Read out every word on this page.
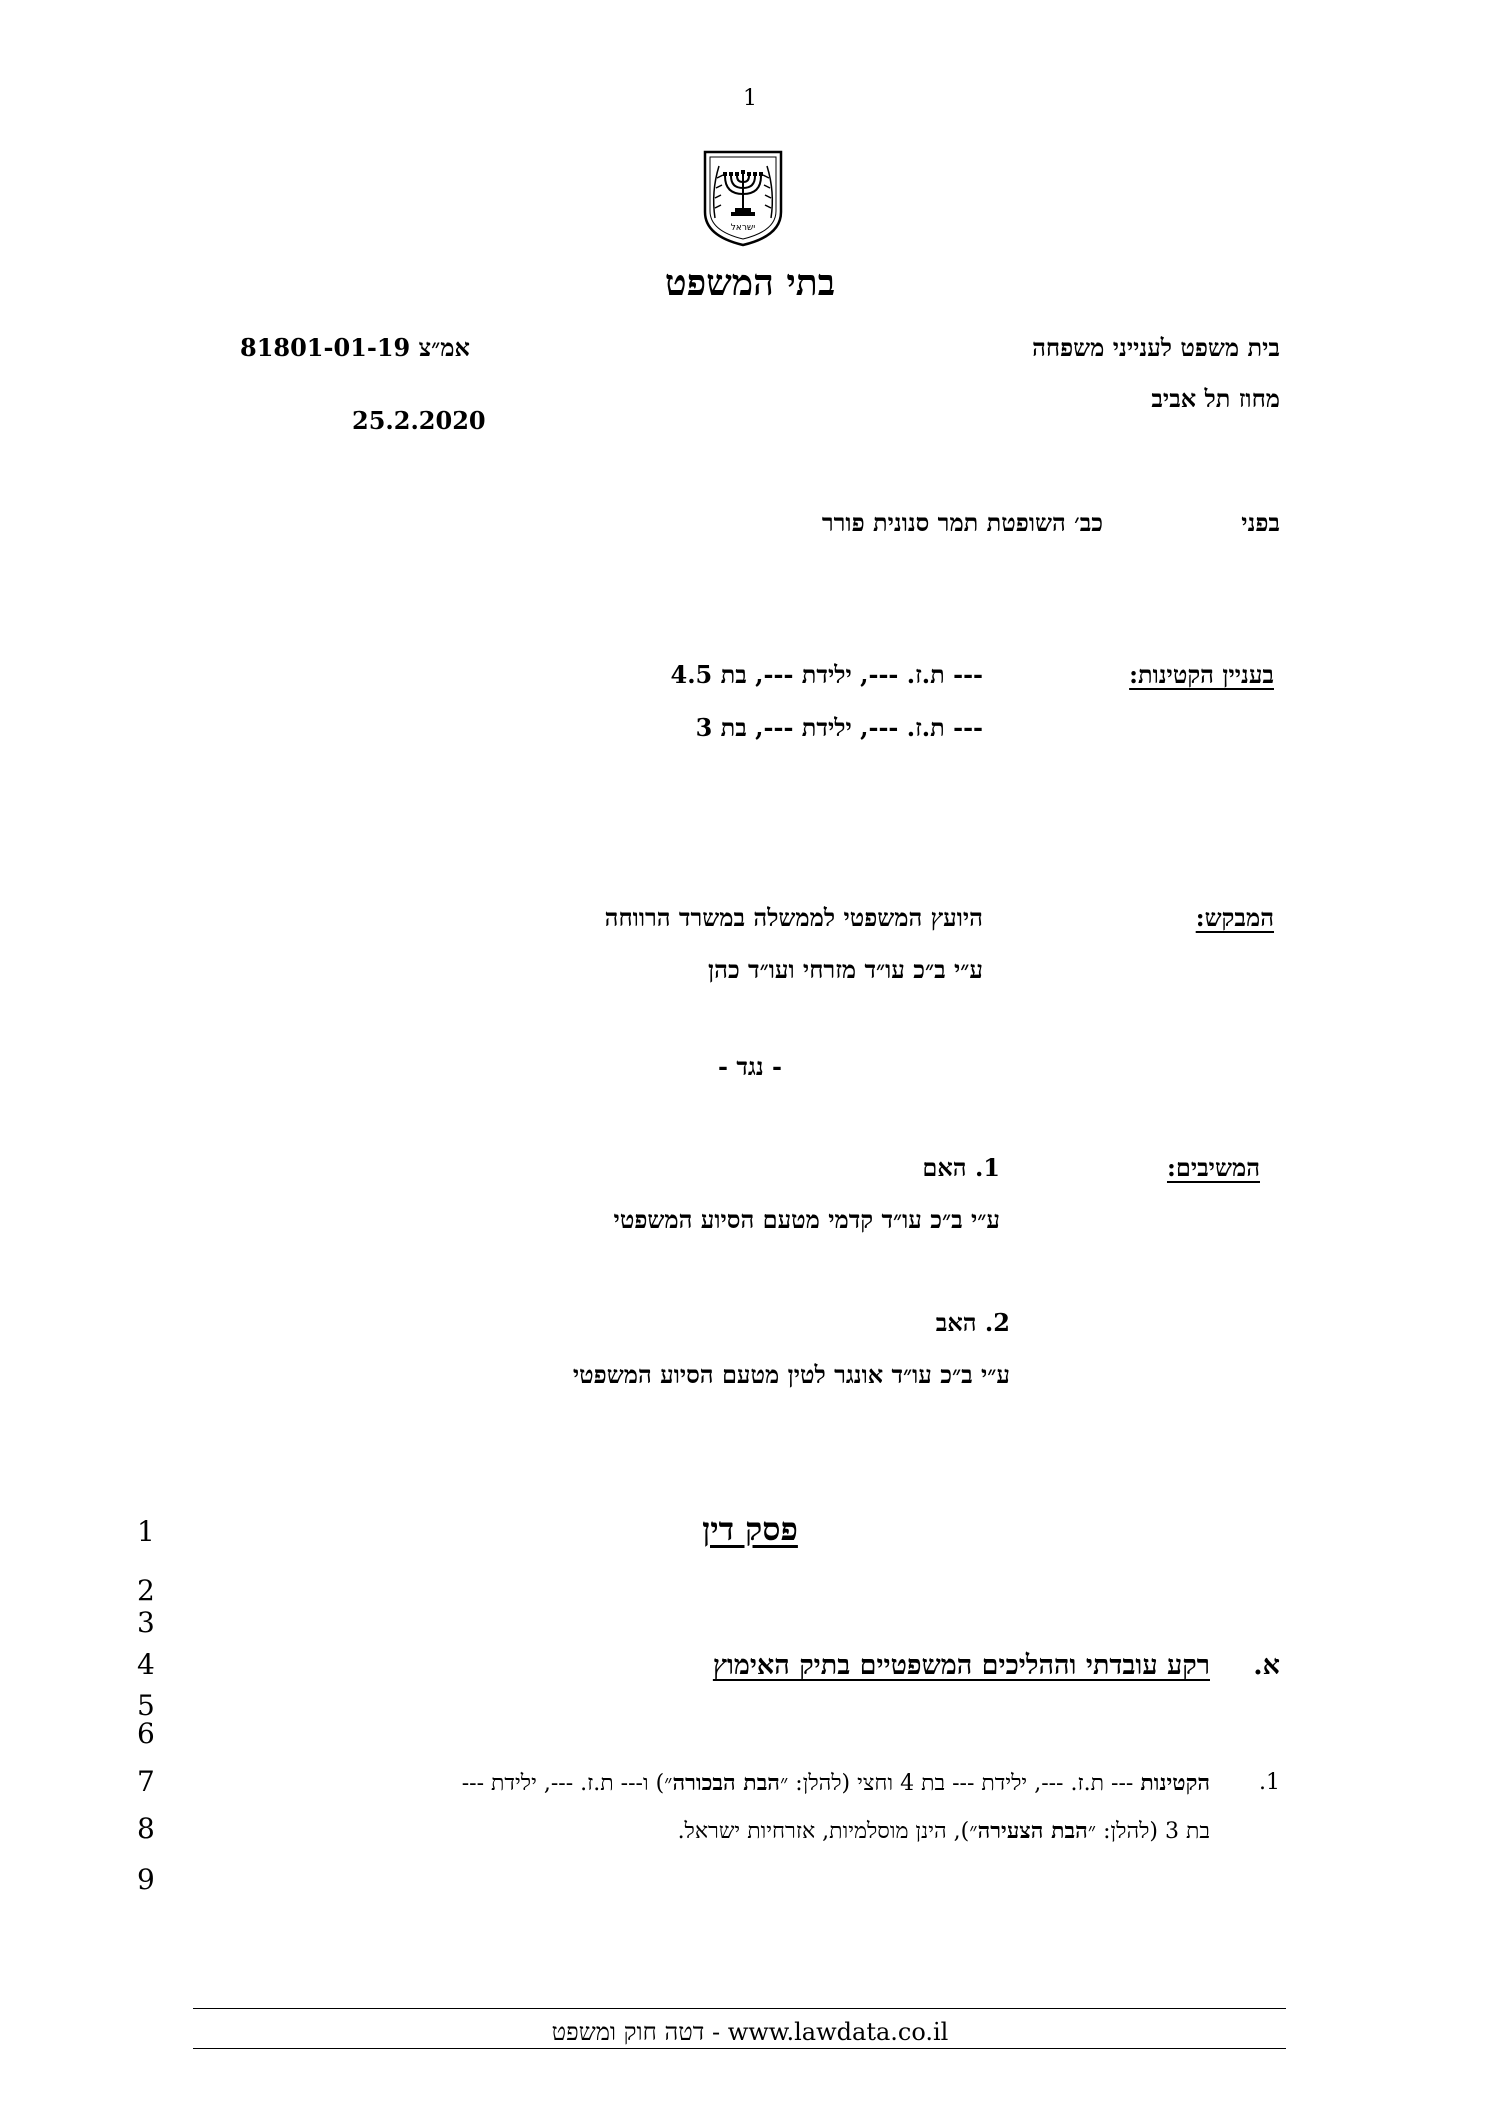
1
ישראל
בתי המשפט
בית משפט לענייני משפחה
מחוז תל אביב
81801-01-19 אמ״צ
25.2.2020
בפני
כב׳ השופטת תמר סנונית פורר
בעניין הקטינות:
--- ת.ז. ---, ילידת ---, בת 4.5
--- ת.ז. ---, ילידת ---, בת 3
המבקש:
היועץ המשפטי לממשלה במשרד הרווחה
ע״י ב״כ עו״ד מזרחי ועו״ד כהן
- נגד -
המשיבים:
1. האם
ע״י ב״כ עו״ד קדמי מטעם הסיוע המשפטי
2. האב
ע״י ב״כ עו״ד אונגר לטין מטעם הסיוע המשפטי
פסק דין
1
2
3
4
5
6
7
8
9
א.
רקע עובדתי וההליכים המשפטיים בתיק האימוץ
1.
הקטינות --- ת.ז. ---, ילידת --- בת 4 וחצי (להלן: ״הבת הבכורה״) ו--- ת.ז. ---, ילידת ---
בת 3 (להלן: ״הבת הצעירה״), הינן מוסלמיות, אזרחיות ישראל.
www.lawdata.co.il - דטה חוק ומשפט
